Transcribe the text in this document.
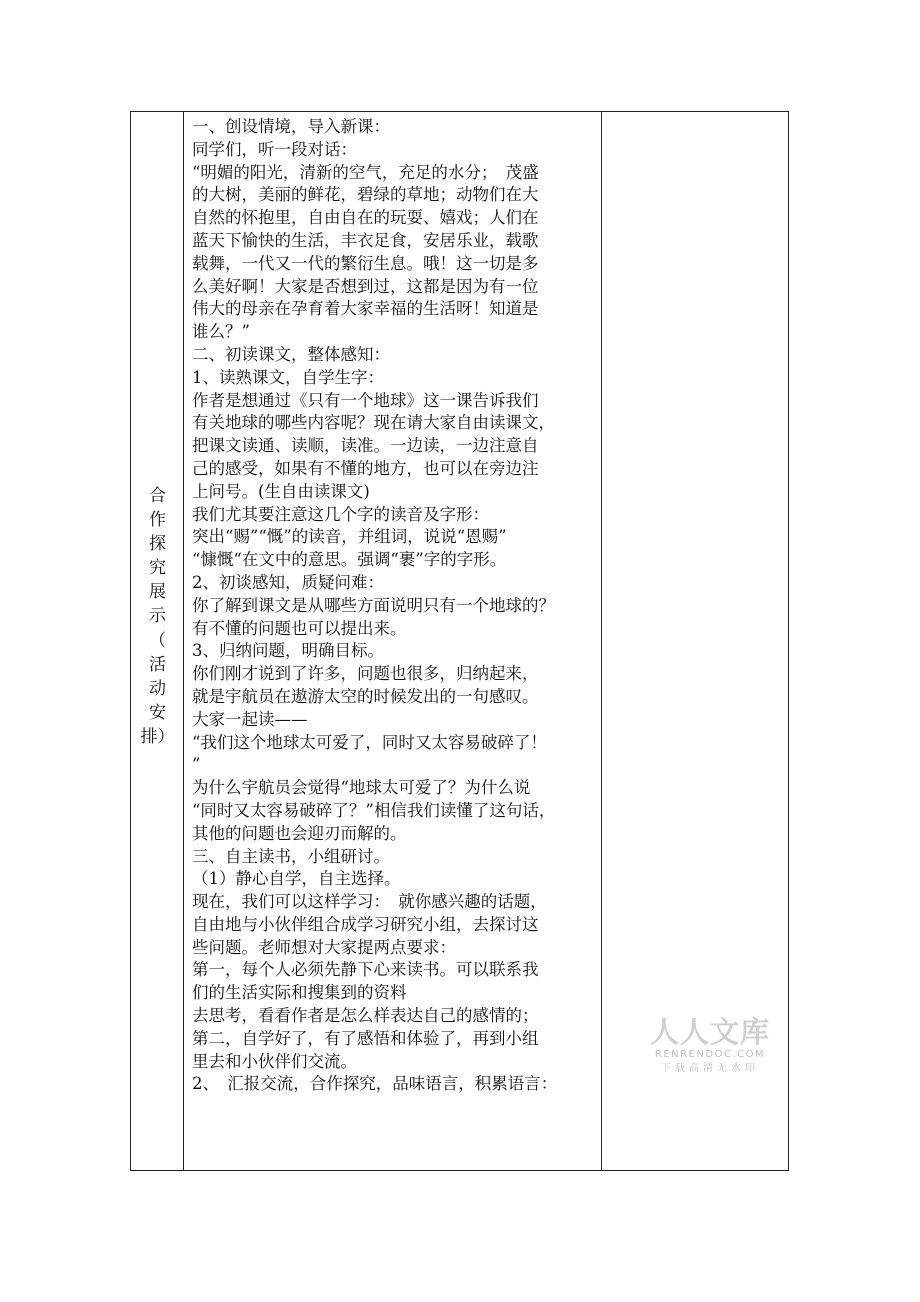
合
作
探
究
展
示
（
活
动
安
排）

一、创设情境，导入新课：

同学们，听一段对话：

“明媚的阳光，清新的空气，充足的水分；　茂盛

的大树，美丽的鲜花，碧绿的草地；动物们在大

自然的怀抱里，自由自在的玩耍、嬉戏；人们在

蓝天下愉快的生活，丰衣足食，安居乐业，载歌

载舞，一代又一代的繁衍生息。哦！这一切是多

么美好啊！大家是否想到过，这都是因为有一位

伟大的母亲在孕育着大家幸福的生活呀！知道是

谁么？”

二、初读课文，整体感知：

1、读熟课文，自学生字：

作者是想通过《只有一个地球》这一课告诉我们

有关地球的哪些内容呢？现在请大家自由读课文，

把课文读通、读顺，读准。一边读，一边注意自

己的感受，如果有不懂的地方，也可以在旁边注

上问号。(生自由读课文)

我们尤其要注意这几个字的读音及字形：

突出“赐”“慨”的读音，并组词，说说“恩赐”

“慷慨“在文中的意思。强调“裹”字的字形。

2、初谈感知，质疑问难：

你了解到课文是从哪些方面说明只有一个地球的？

有不懂的问题也可以提出来。

3、归纳问题，明确目标。

你们刚才说到了许多，问题也很多，归纳起来，

就是宇航员在遨游太空的时候发出的一句感叹。

大家一起读——

“我们这个地球太可爱了，同时又太容易破碎了！

”

为什么宇航员会觉得“地球太可爱了？为什么说

“同时又太容易破碎了？”相信我们读懂了这句话，

其他的问题也会迎刃而解的。

三、自主读书，小组研讨。

（1）静心自学，自主选择。

现在，我们可以这样学习：　就你感兴趣的话题，

自由地与小伙伴组合成学习研究小组，去探讨这

些问题。老师想对大家提两点要求：

第一，每个人必须先静下心来读书。可以联系我

们的生活实际和搜集到的资料

去思考，看看作者是怎么样表达自己的感情的；

第二，自学好了，有了感悟和体验了，再到小组

里去和小伙伴们交流。

2、　汇报交流，合作探究，品味语言，积累语言：

人人文库
RENRENDOC.COM
下载高清无水印
